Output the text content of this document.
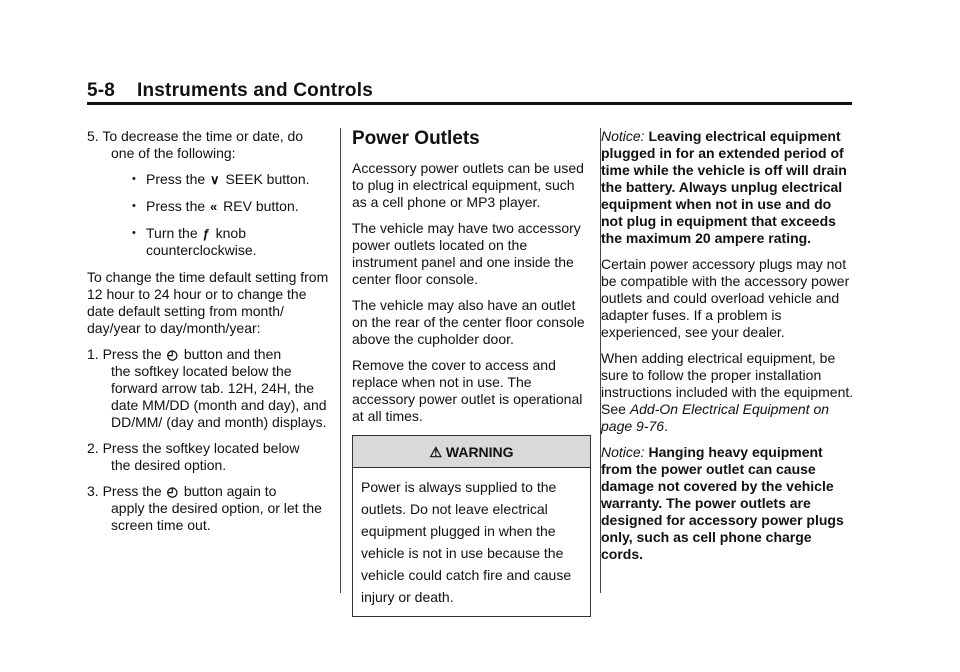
5-8 Instruments and Controls
5. To decrease the time or date, do
one of the following:
• Press the ∨ SEEK button.
• Press the « REV button.
• Turn the ƒ knob
counterclockwise.

To change the time default setting from 12 hour to 24 hour or to change the date default setting from month/ day/year to day/month/year:

1. Press the ◴ button and then
the softkey located below the forward arrow tab. 12H, 24H, the date MM/DD (month and day), and DD/MM/ (day and month) displays.
2. Press the softkey located below
the desired option.
3. Press the ◴ button again to
apply the desired option, or let the screen time out.
Power Outlets

Accessory power outlets can be used to plug in electrical equipment, such as a cell phone or MP3 player.

The vehicle may have two accessory power outlets located on the instrument panel and one inside the center floor console.

The vehicle may also have an outlet on the rear of the center floor console above the cupholder door.

Remove the cover to access and replace when not in use. The accessory power outlet is operational at all times.

⚠ WARNING
Power is always supplied to the outlets. Do not leave electrical equipment plugged in when the vehicle is not in use because the vehicle could catch fire and cause injury or death.

Notice: Leaving electrical equipment plugged in for an extended period of time while the vehicle is off will drain the battery. Always unplug electrical equipment when not in use and do not plug in equipment that exceeds the maximum 20 ampere rating.

Certain power accessory plugs may not be compatible with the accessory power outlets and could overload vehicle and adapter fuses. If a problem is experienced, see your dealer.

When adding electrical equipment, be sure to follow the proper installation instructions included with the equipment. See Add-On Electrical Equipment on page 9-76.

Notice: Hanging heavy equipment from the power outlet can cause damage not covered by the vehicle warranty. The power outlets are designed for accessory power plugs only, such as cell phone charge cords.
